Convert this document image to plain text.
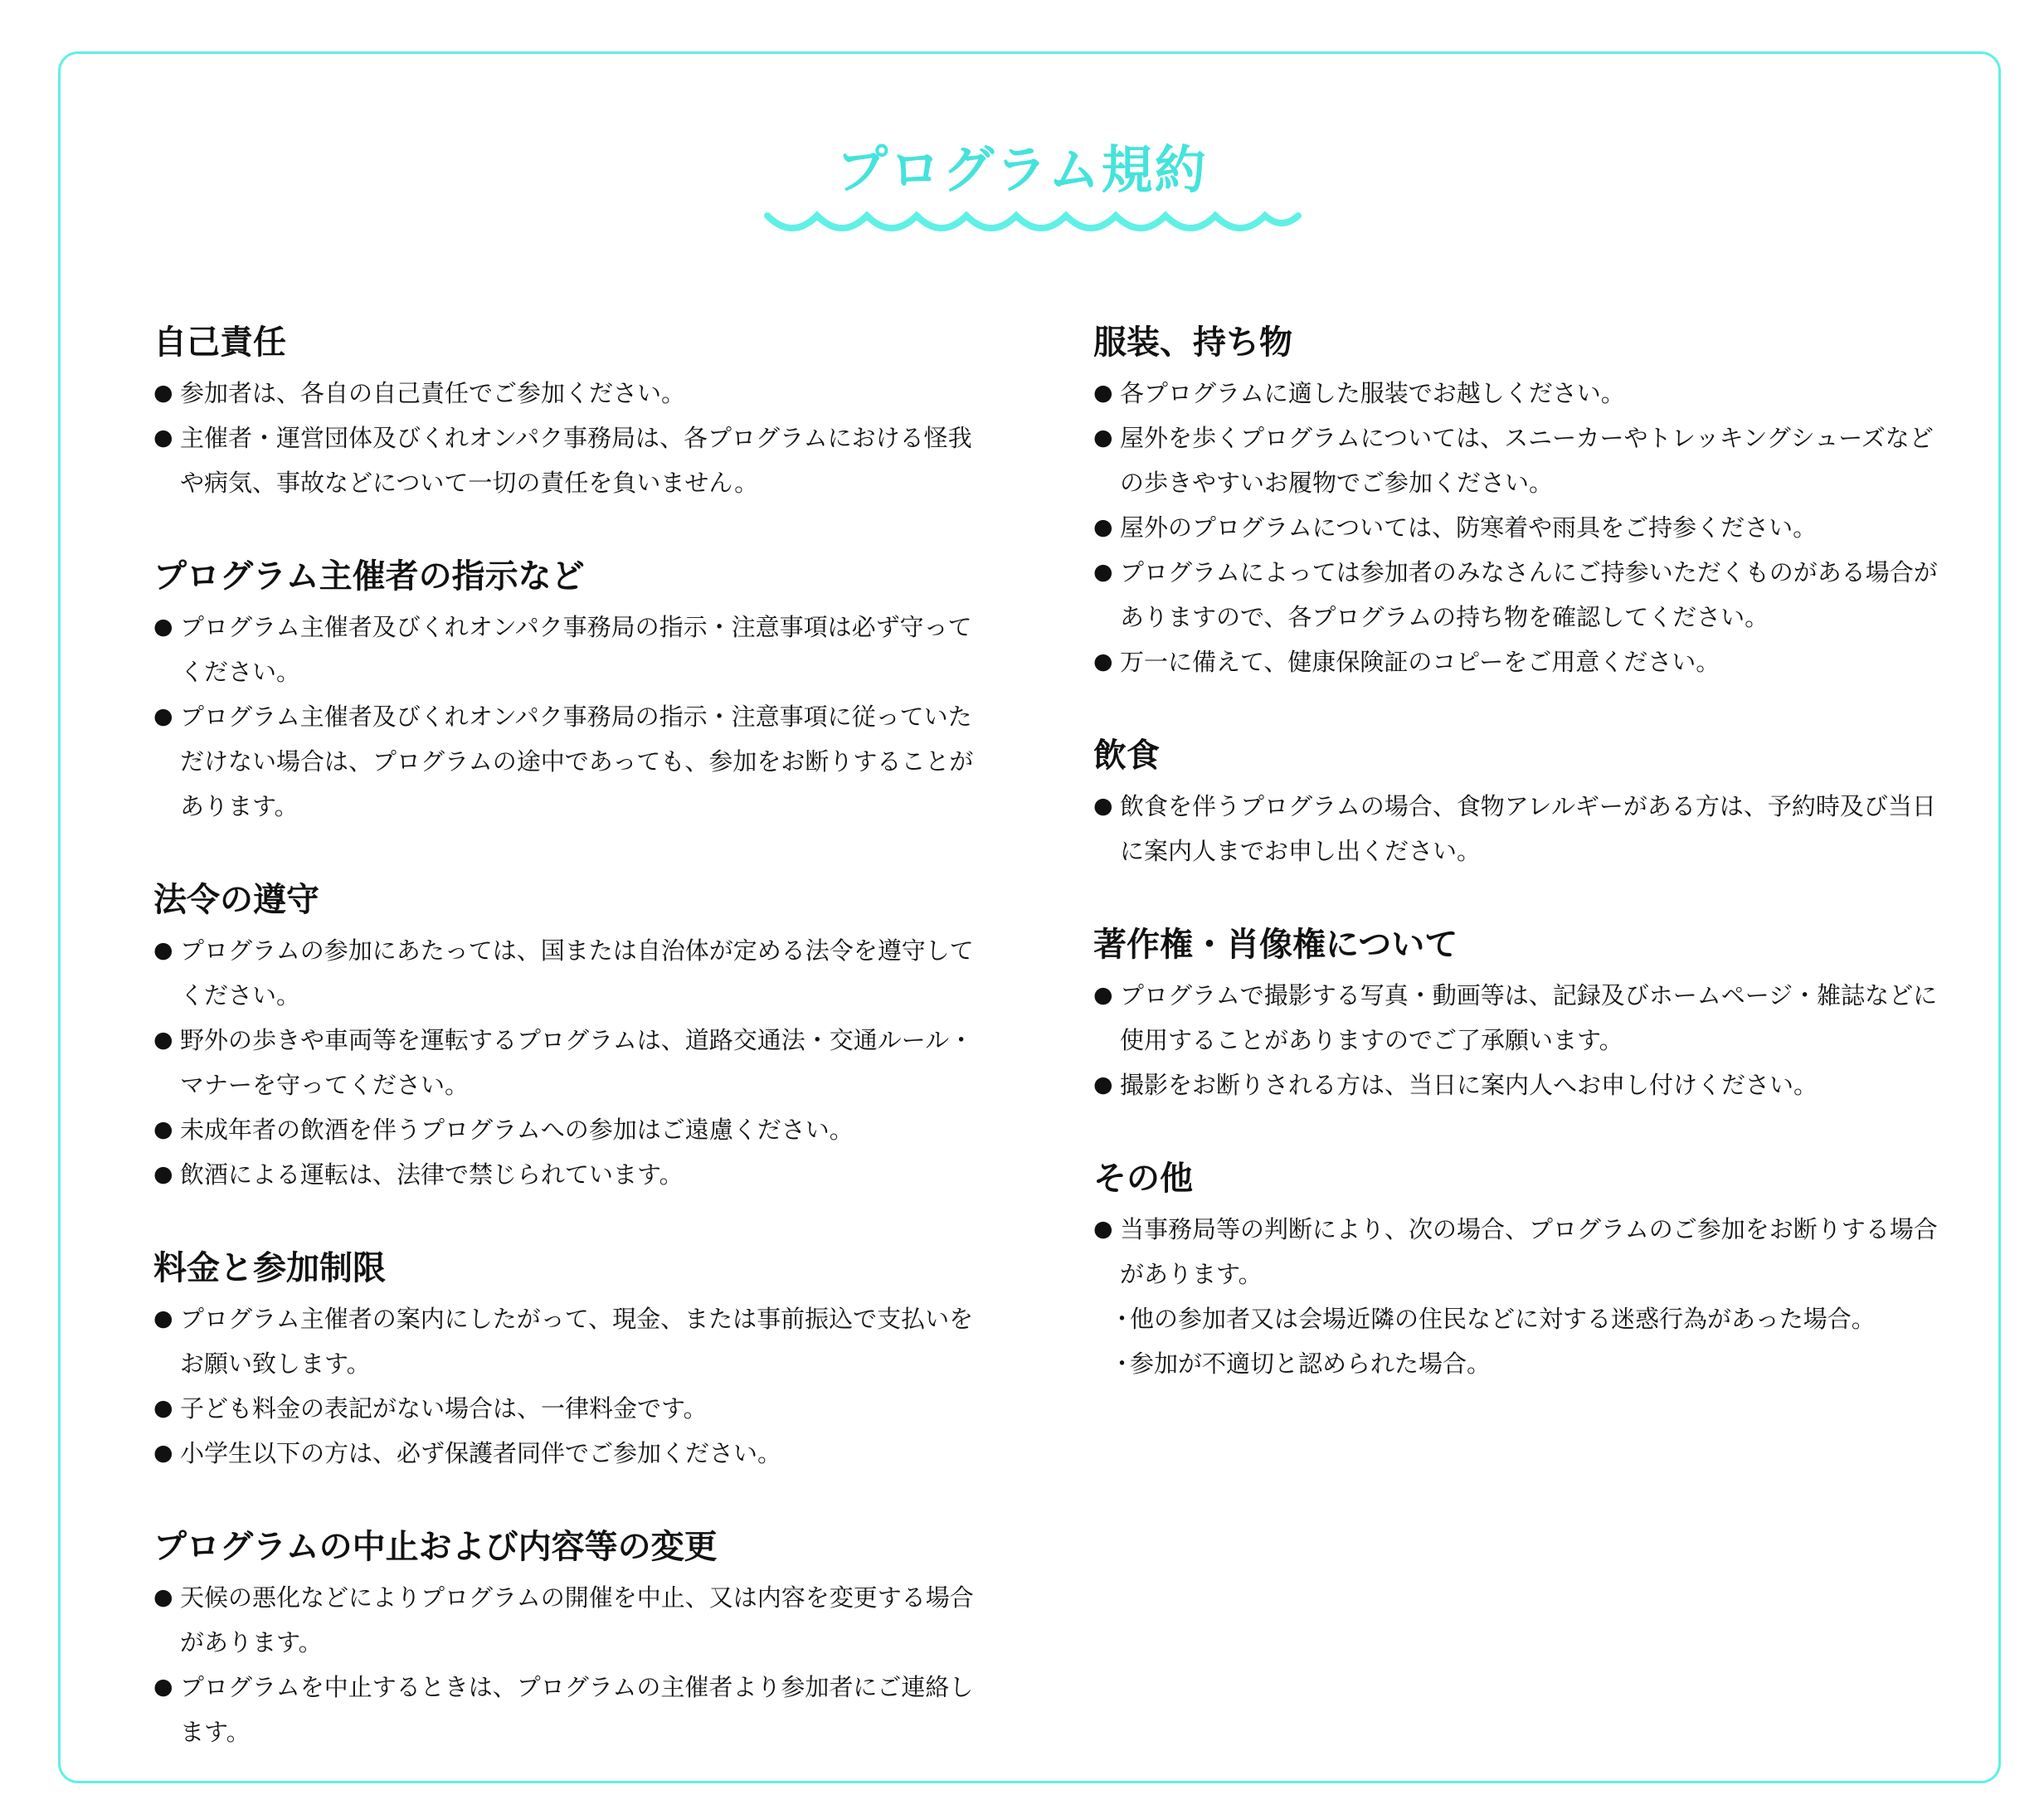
プログラム規約
自己責任
● 参加者は、各自の自己責任でご参加ください。
● 主催者・運営団体及びくれオンパク事務局は、各プログラムにおける怪我や病気、事故などについて一切の責任を負いません。
プログラム主催者の指示など
● プログラム主催者及びくれオンパク事務局の指示・注意事項は必ず守ってください。
● プログラム主催者及びくれオンパク事務局の指示・注意事項に従っていただけない場合は、プログラムの途中であっても、参加をお断りすることがあります。
法令の遵守
● プログラムの参加にあたっては、国または自治体が定める法令を遵守してください。
● 野外の歩きや車両等を運転するプログラムは、道路交通法・交通ルール・マナーを守ってください。
● 未成年者の飲酒を伴うプログラムへの参加はご遠慮ください。
● 飲酒による運転は、法律で禁じられています。
料金と参加制限
● プログラム主催者の案内にしたがって、現金、または事前振込で支払いをお願い致します。
● 子ども料金の表記がない場合は、一律料金です。
● 小学生以下の方は、必ず保護者同伴でご参加ください。
プログラムの中止および内容等の変更
● 天候の悪化などによりプログラムの開催を中止、又は内容を変更する場合があります。
● プログラムを中止するときは、プログラムの主催者より参加者にご連絡します。
服装、持ち物
● 各プログラムに適した服装でお越しください。
● 屋外を歩くプログラムについては、スニーカーやトレッキングシューズなどの歩きやすいお履物でご参加ください。
● 屋外のプログラムについては、防寒着や雨具をご持参ください。
● プログラムによっては参加者のみなさんにご持参いただくものがある場合がありますので、各プログラムの持ち物を確認してください。
● 万一に備えて、健康保険証のコピーをご用意ください。
飲食
● 飲食を伴うプログラムの場合、食物アレルギーがある方は、予約時及び当日に案内人までお申し出ください。
著作権・肖像権について
● プログラムで撮影する写真・動画等は、記録及びホームページ・雑誌などに使用することがありますのでご了承願います。
● 撮影をお断りされる方は、当日に案内人へお申し付けください。
その他
● 当事務局等の判断により、次の場合、プログラムのご参加をお断りする場合があります。
・
他の参加者又は会場近隣の住民などに対する迷惑行為があった場合。
・
参加が不適切と認められた場合。
